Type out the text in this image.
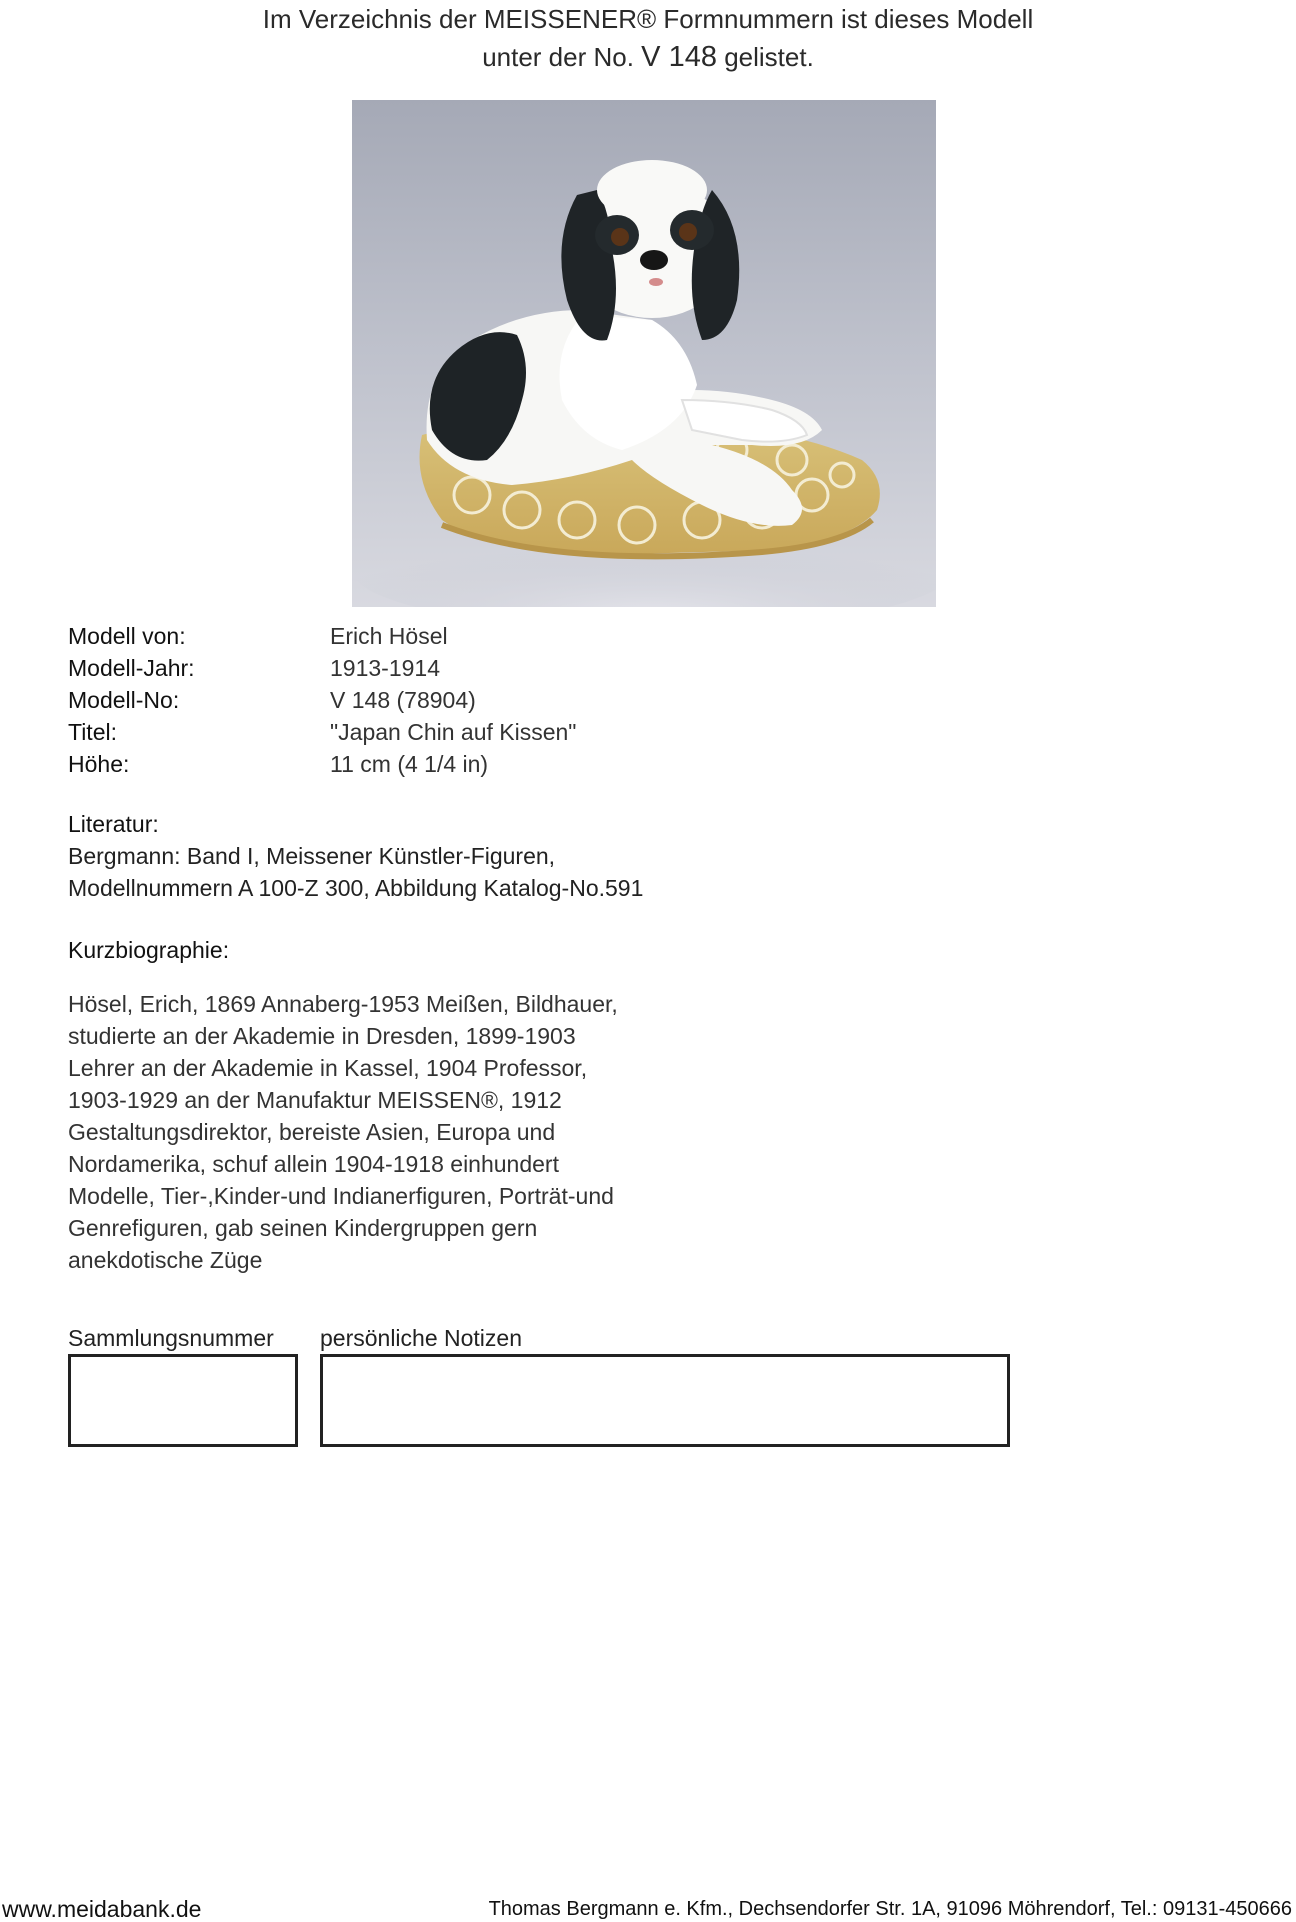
Im Verzeichnis der MEISSENER® Formnummern ist dieses Modell
unter der No. V 148 gelistet.
Modell von:	Erich Hösel
Modell-Jahr:	1913-1914
Modell-No:	V 148 (78904)
Titel:	"Japan Chin auf Kissen"
Höhe:	11 cm (4 1/4 in)
Literatur:
Bergmann: Band I, Meissener Künstler-Figuren,
Modellnummern A 100-Z 300, Abbildung Katalog-No.591
Kurzbiographie:
Hösel, Erich, 1869 Annaberg-1953 Meißen, Bildhauer,
studierte an der Akademie in Dresden, 1899-1903
Lehrer an der Akademie in Kassel, 1904 Professor,
1903-1929 an der Manufaktur MEISSEN®, 1912
Gestaltungsdirektor, bereiste Asien, Europa und
Nordamerika, schuf allein 1904-1918 einhundert
Modelle, Tier-,Kinder-und Indianerfiguren, Porträt-und
Genrefiguren, gab seinen Kindergruppen gern
anekdotische Züge
Sammlungsnummer persönliche Notizen
www.meidabank.de	Thomas Bergmann e. Kfm., Dechsendorfer Str. 1A, 91096 Möhrendorf, Tel.: 09131-450666
